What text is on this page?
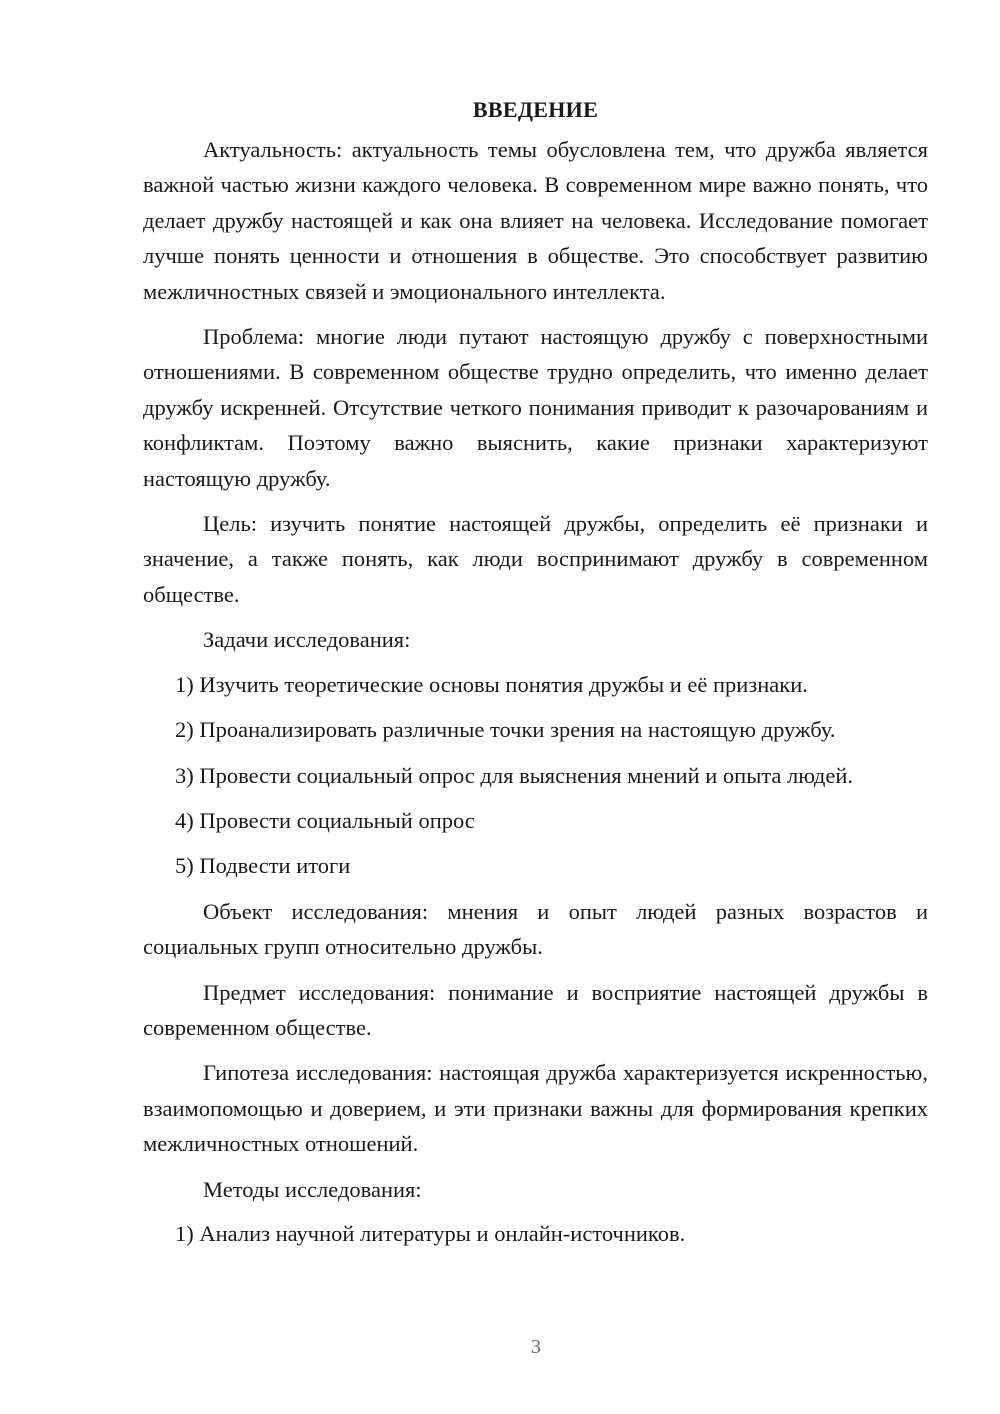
ВВЕДЕНИЕ

Актуальность: актуальность темы обусловлена тем, что дружба является важной частью жизни каждого человека. В современном мире важно понять, что делает дружбу настоящей и как она влияет на человека. Исследование помогает лучше понять ценности и отношения в обществе. Это способствует развитию межличностных связей и эмоционального интеллекта.

Проблема: многие люди путают настоящую дружбу с поверхностными отношениями. В современном обществе трудно определить, что именно делает дружбу искренней. Отсутствие четкого понимания приводит к разочарованиям и конфликтам. Поэтому важно выяснить, какие признаки характеризуют настоящую дружбу.

Цель: изучить понятие настоящей дружбы, определить её признаки и значение, а также понять, как люди воспринимают дружбу в современном обществе.

Задачи исследования:

1) Изучить теоретические основы понятия дружбы и её признаки.
2) Проанализировать различные точки зрения на настоящую дружбу.
3) Провести социальный опрос для выяснения мнений и опыта людей.
4) Провести социальный опрос
5) Подвести итоги

Объект исследования: мнения и опыт людей разных возрастов и социальных групп относительно дружбы.

Предмет исследования: понимание и восприятие настоящей дружбы в современном обществе.

Гипотеза исследования: настоящая дружба характеризуется искренностью, взаимопомощью и доверием, и эти признаки важны для формирования крепких межличностных отношений.

Методы исследования:

1) Анализ научной литературы и онлайн-источников.
3
